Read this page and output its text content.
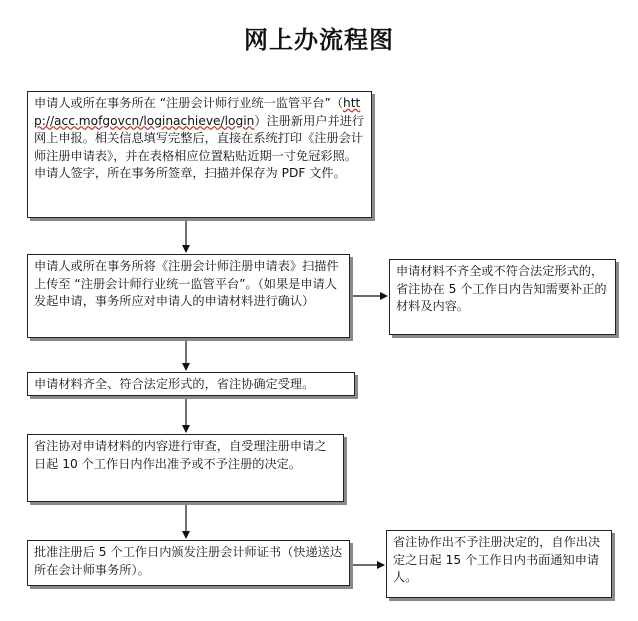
网上办流程图
申请人或所在事务所在 “注册会计师行业统一监管平台”（http://acc.mofgovcn/loginachieve/login）注册新用户并进行网上申报。相关信息填写完整后，直接在系统打印《注册会计师注册申请表》，并在表格相应位置粘贴近期一寸免冠彩照。申请人签字，所在事务所签章，扫描并保存为 PDF 文件。
申请人或所在事务所将《注册会计师注册申请表》扫描件上传至 “注册会计师行业统一监管平台”。（如果是申请人发起申请，事务所应对申请人的申请材料进行确认）
申请材料不齐全或不符合法定形式的，省注协在 5 个工作日内告知需要补正的材料及内容。
申请材料齐全、符合法定形式的，省注协确定受理。
省注协对申请材料的内容进行审查，自受理注册申请之日起 10 个工作日内作出准予或不予注册的决定。
批准注册后 5 个工作日内颁发注册会计师证书（快递送达所在会计师事务所）。
省注协作出不予注册决定的，自作出决定之日起 15 个工作日内书面通知申请人。
